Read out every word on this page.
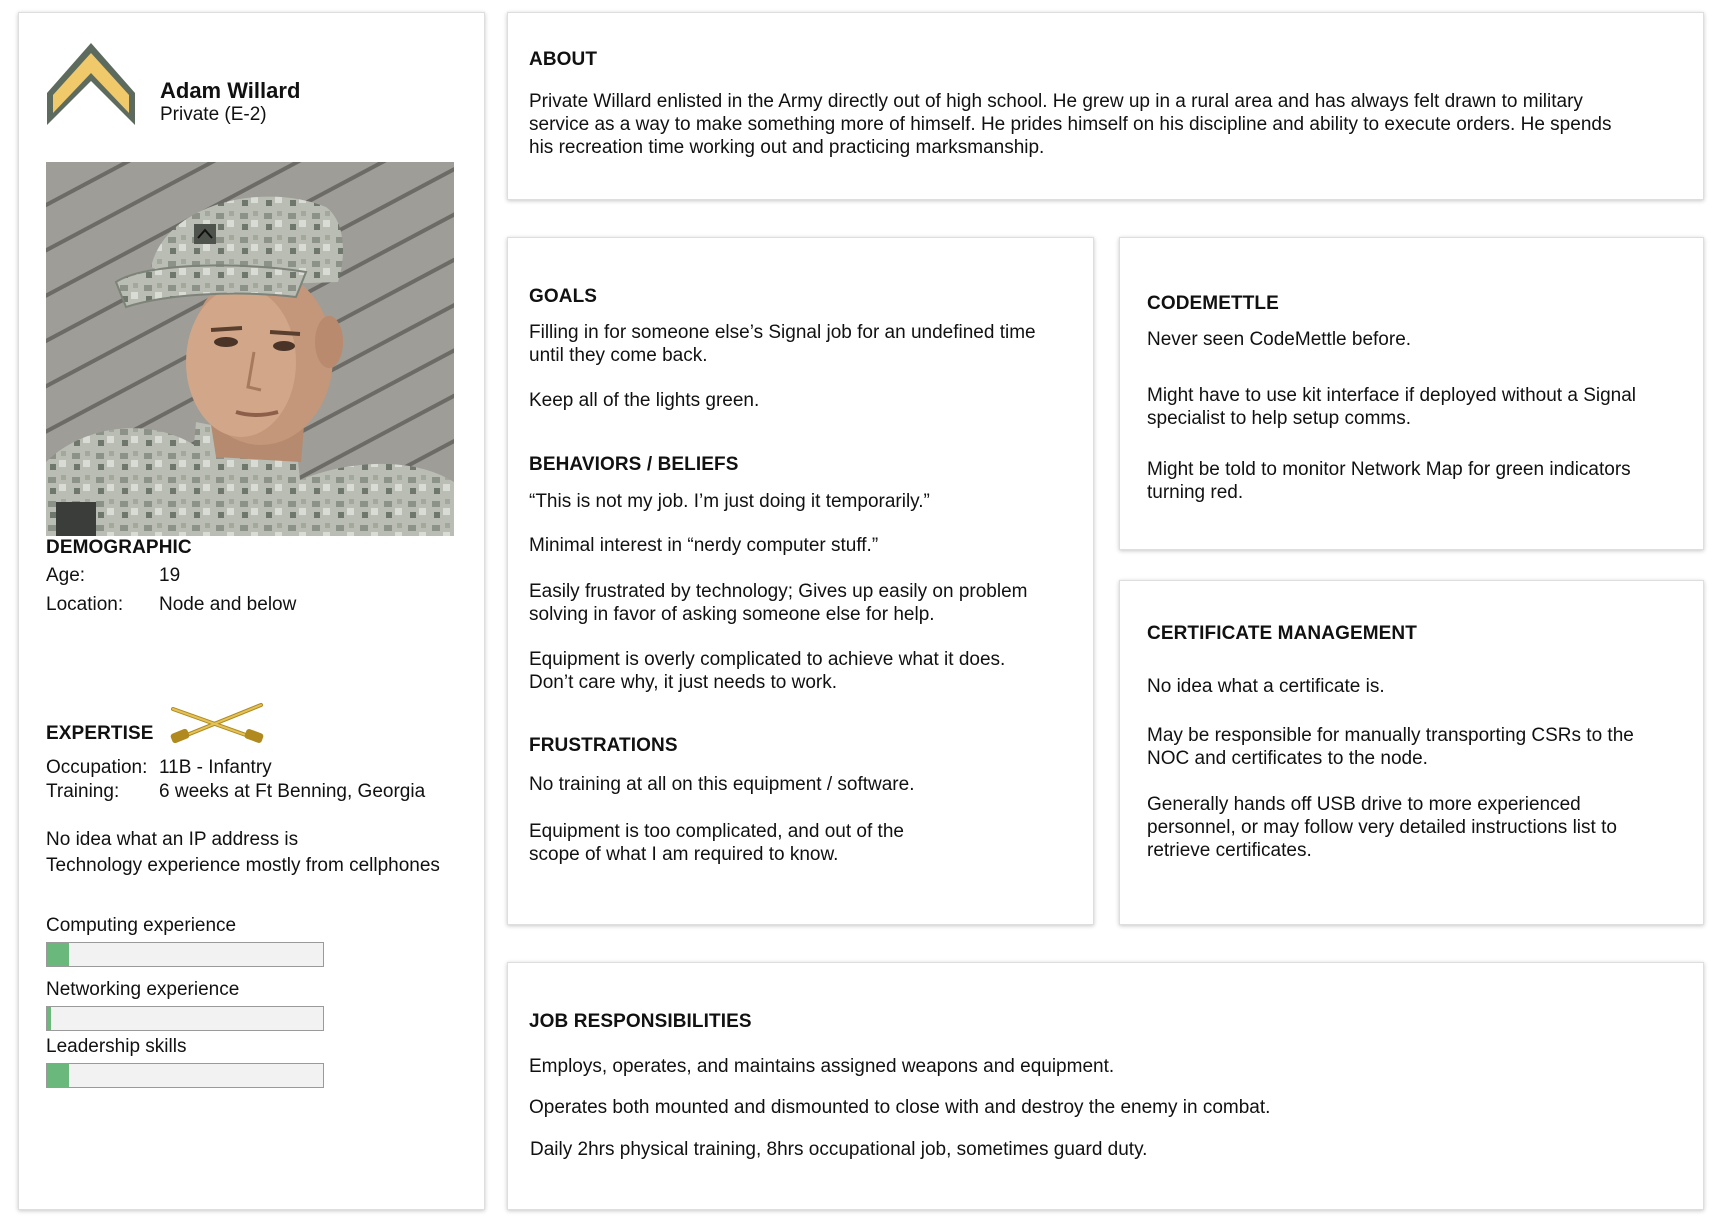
Adam Willard
Private (E-2)
DEMOGRAPHIC
Age:	19
Location: Node and below
EXPERTISE
Occupation: 11B - Infantry
Training: 6 weeks at Ft Benning, Georgia
No idea what an IP address is
Technology experience mostly from cellphones
Computing experience
Networking experience
Leadership skills
ABOUT

Private Willard enlisted in the Army directly out of high school. He grew up in a rural area and has always felt drawn to military service as a way to make something more of himself. He prides himself on his discipline and ability to execute orders. He spends his recreation time working out and practicing marksmanship.

GOALS

Filling in for someone else’s Signal job for an undefined time until they come back.

Keep all of the lights green.

BEHAVIORS / BELIEFS

“This is not my job. I’m just doing it temporarily.”

Minimal interest in “nerdy computer stuff.”

Easily frustrated by technology; Gives up easily on problem solving in favor of asking someone else for help.

Equipment is overly complicated to achieve what it does. Don’t care why, it just needs to work.

FRUSTRATIONS

No training at all on this equipment / software.

Equipment is too complicated, and out of the scope of what I am required to know.

CODEMETTLE

Never seen CodeMettle before.

Might have to use kit interface if deployed without a Signal specialist to help setup comms.

Might be told to monitor Network Map for green indicators turning red.

CERTIFICATE MANAGEMENT

No idea what a certificate is.

May be responsible for manually transporting CSRs to the NOC and certificates to the node.

Generally hands off USB drive to more experienced personnel, or may follow very detailed instructions list to retrieve certificates.

JOB RESPONSIBILITIES

Employs, operates, and maintains assigned weapons and equipment.

Operates both mounted and dismounted to close with and destroy the enemy in combat.

Daily 2hrs physical training, 8hrs occupational job, sometimes guard duty.
